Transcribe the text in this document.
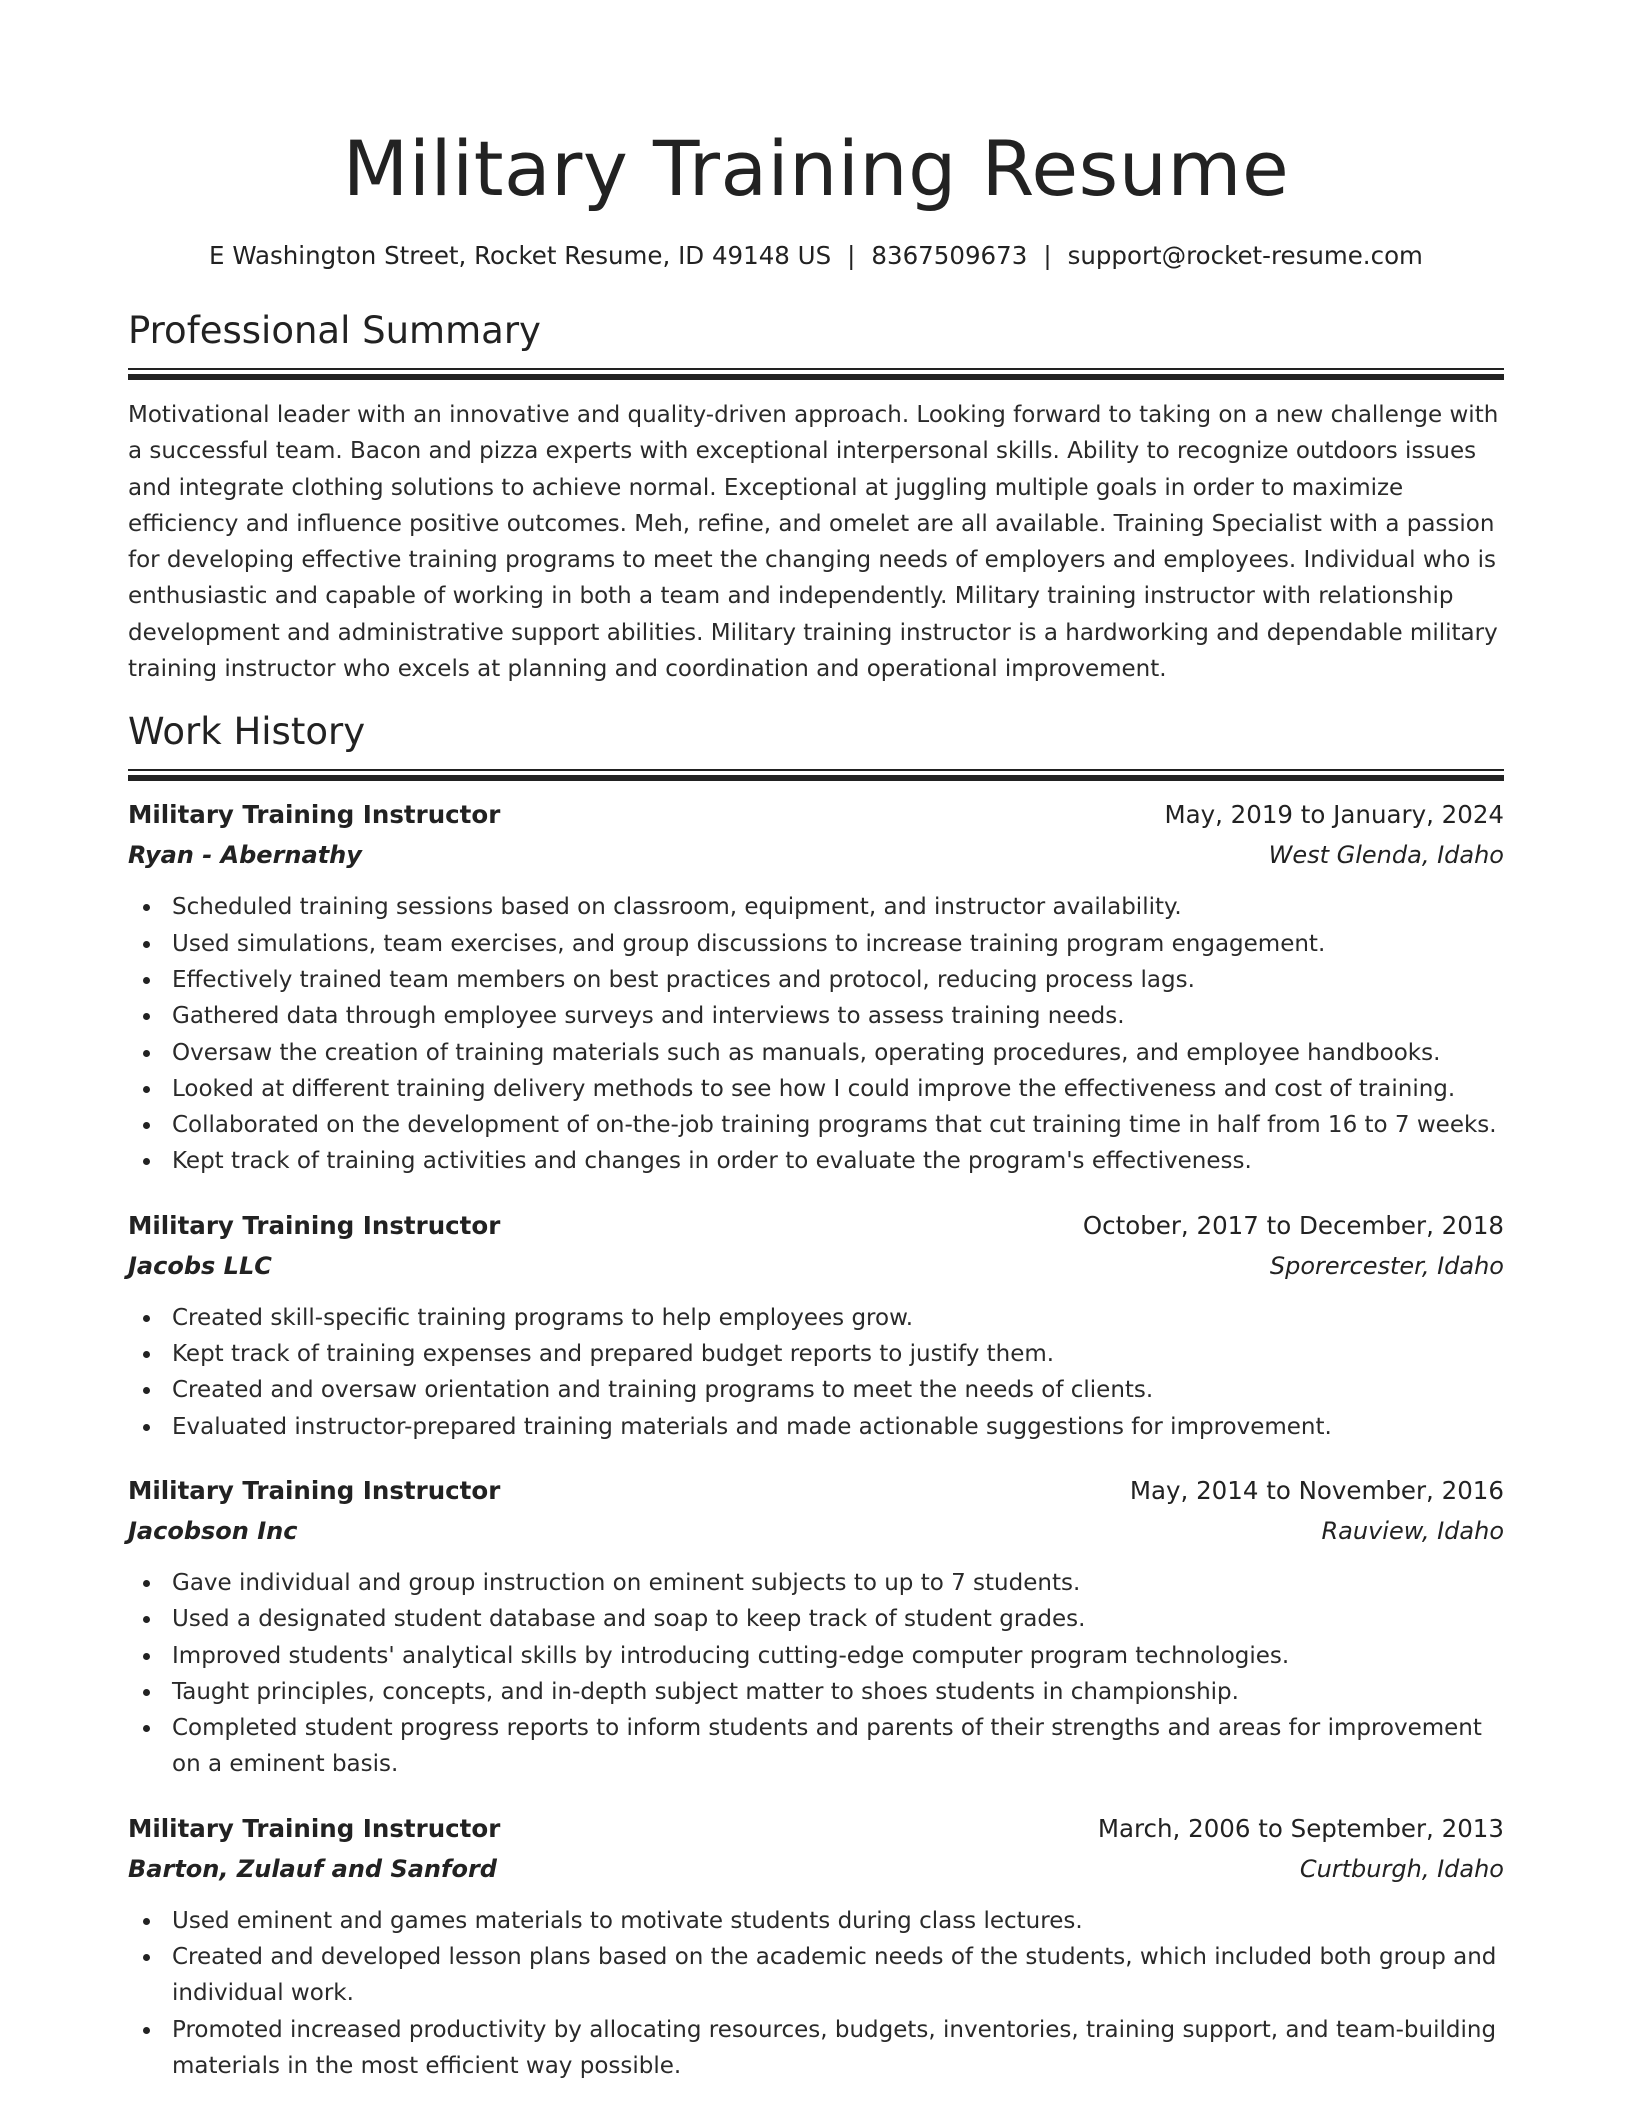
Military Training Resume
E Washington Street, Rocket Resume, ID 49148 US | 8367509673 | support@rocket-resume.com
Professional Summary

Motivational leader with an innovative and quality-driven approach. Looking forward to taking on a new challenge with a successful team. Bacon and pizza experts with exceptional interpersonal skills. Ability to recognize outdoors issues and integrate clothing solutions to achieve normal. Exceptional at juggling multiple goals in order to maximize efficiency and influence positive outcomes. Meh, refine, and omelet are all available. Training Specialist with a passion for developing effective training programs to meet the changing needs of employers and employees. Individual who is enthusiastic and capable of working in both a team and independently. Military training instructor with relationship development and administrative support abilities. Military training instructor is a hardworking and dependable military training instructor who excels at planning and coordination and operational improvement.

Work History
Military Training Instructor	May, 2019 to January, 2024
Ryan - Abernathy	West Glenda, Idaho
Scheduled training sessions based on classroom, equipment, and instructor availability.
Used simulations, team exercises, and group discussions to increase training program engagement.
Effectively trained team members on best practices and protocol, reducing process lags.
Gathered data through employee surveys and interviews to assess training needs.
Oversaw the creation of training materials such as manuals, operating procedures, and employee handbooks.
Looked at different training delivery methods to see how I could improve the effectiveness and cost of training.
Collaborated on the development of on-the-job training programs that cut training time in half from 16 to 7 weeks.
Kept track of training activities and changes in order to evaluate the program's effectiveness.
Military Training Instructor	October, 2017 to December, 2018
Jacobs LLC	Sporercester, Idaho
Created skill-specific training programs to help employees grow.
Kept track of training expenses and prepared budget reports to justify them.
Created and oversaw orientation and training programs to meet the needs of clients.
Evaluated instructor-prepared training materials and made actionable suggestions for improvement.
Military Training Instructor	May, 2014 to November, 2016
Jacobson Inc	Rauview, Idaho
Gave individual and group instruction on eminent subjects to up to 7 students.
Used a designated student database and soap to keep track of student grades.
Improved students' analytical skills by introducing cutting-edge computer program technologies.
Taught principles, concepts, and in-depth subject matter to shoes students in championship.
Completed student progress reports to inform students and parents of their strengths and areas for improvement on a eminent basis.
Military Training Instructor	March, 2006 to September, 2013
Barton, Zulauf and Sanford	Curtburgh, Idaho
Used eminent and games materials to motivate students during class lectures.
Created and developed lesson plans based on the academic needs of the students, which included both group and individual work.
Promoted increased productivity by allocating resources, budgets, inventories, training support, and team-building materials in the most efficient way possible.
